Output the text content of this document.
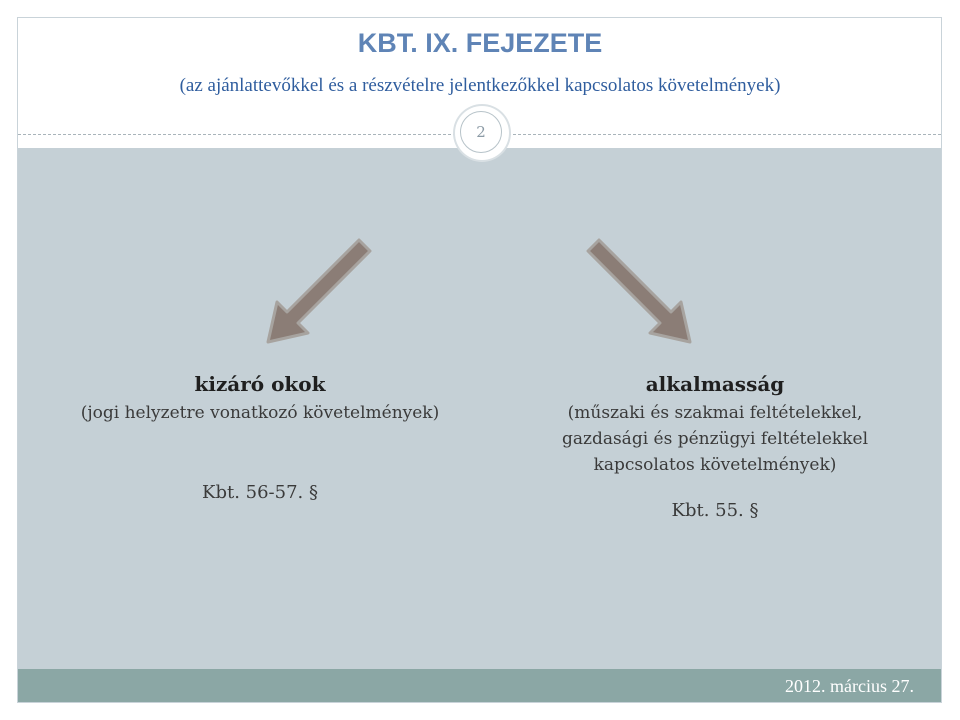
KBT. IX. FEJEZETE
(az ajánlattevőkkel és a részvételre jelentkezőkkel kapcsolatos követelmények)
2
kizáró okok
(jogi helyzetre vonatkozó követelmények)
Kbt. 56-57. §
alkalmasság
(műszaki és szakmai feltételekkel,
gazdasági és pénzügyi feltételekkel
kapcsolatos követelmények)
Kbt. 55. §
2012. március 27.
